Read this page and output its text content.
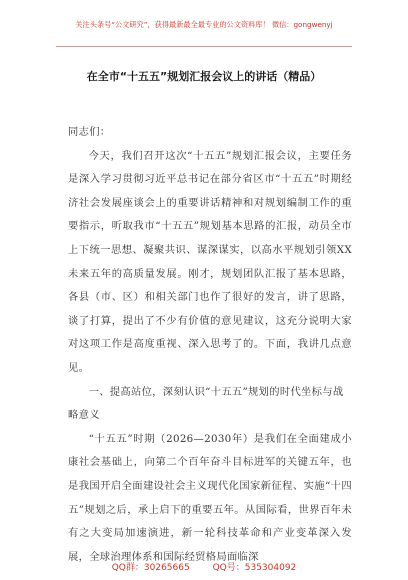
关注头条号“公文研究”，获得最新最全最专业的公文资料库！ 微信：gongwenyj
在全市“十五五”规划汇报会议上的讲话（精品）

同志们：

今天，我们召开这次“十五五”规划汇报会议，主要任务是深入学习贯彻习近平总书记在部分省区市“十五五”时期经济社会发展座谈会上的重要讲话精神和对规划编制工作的重要指示，听取我市“十五五”规划基本思路的汇报，动员全市上下统一思想、凝聚共识、谋深谋实，以高水平规划引领XX未来五年的高质量发展。刚才，规划团队汇报了基本思路，各县（市、区）和相关部门也作了很好的发言，讲了思路，谈了打算，提出了不少有价值的意见建议，这充分说明大家对这项工作是高度重视、深入思考了的。下面，我讲几点意见。

一、提高站位，深刻认识“十五五”规划的时代坐标与战略意义

“十五五”时期（2026—2030年）是我们在全面建成小康社会基础上，向第二个百年奋斗目标进军的关键五年，也是我国开启全面建设社会主义现代化国家新征程、实施“十四五”规划之后，承上启下的重要五年。从国际看，世界百年未有之大变局加速演进，新一轮科技革命和产业变革深入发展，全球治理体系和国际经贸格局面临深

QQ群：30265665	QQ号：535304092
